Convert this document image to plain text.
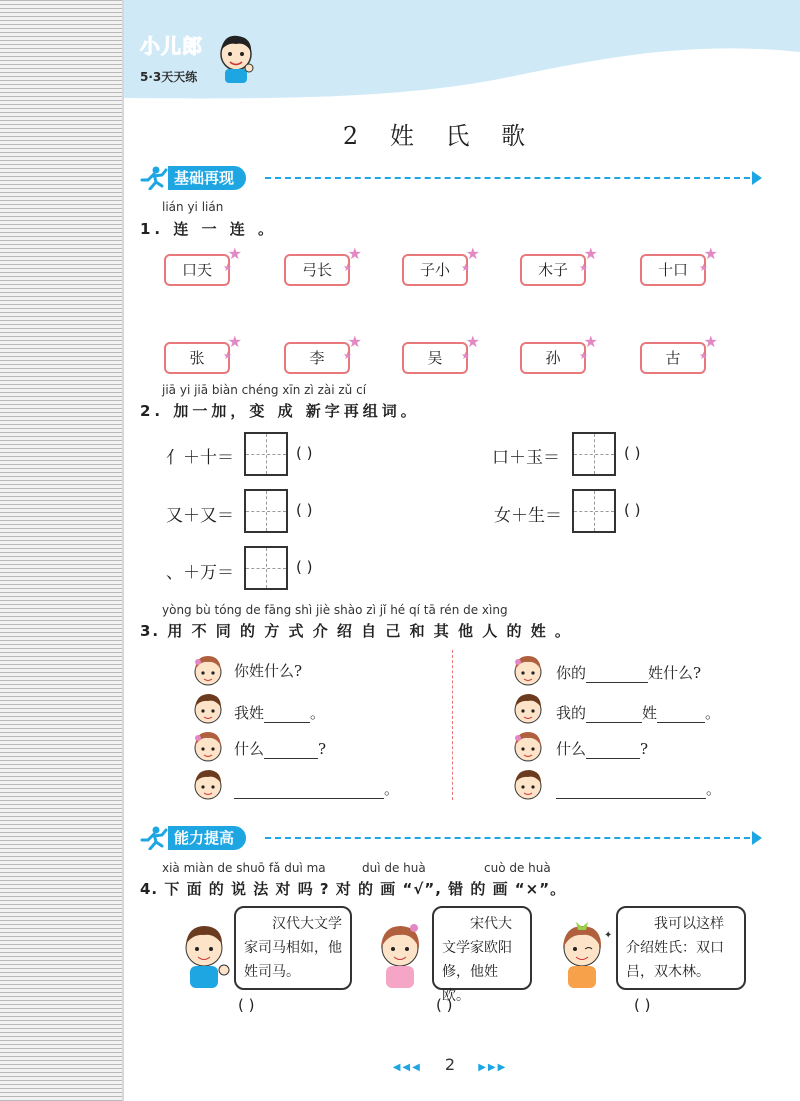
小儿郎
5·3天天练
2 姓 氏 歌
基础再现
lián yi lián
1. 连 一 连 。
口天
★
★	弓长
★
★	子小
★
★	木子
★
★	十口
★
★
张
★
★	李
★
★	吴
★
★	孙
★
★	古
★
★
jiā yi jiā biàn chéng xīn zì zài zǔ cí
2. 加一加，变 成 新字再组词。
亻＋十＝	( )	口＋玉＝	( )
又＋又＝	( )	女＋生＝	( )
、＋万＝	( )
yòng bù tóng de fāng shì jiè shào zì jǐ hé qí tā rén de xìng
3. 用 不 同 的 方 式 介 绍 自 己 和 其 他 人 的 姓 。
你姓什么?
我姓	。
什么	?
。
你的	姓什么?
我的	姓	。
什么	?
。
能力提高
xià miàn de shuō fǎ duì ma	duì de huà	cuò de huà
4. 下 面 的 说 法 对 吗 ? 对 的 画 “√”, 错 的 画 “×”。
　　汉代大文学家司马相如，他姓司马。
( )
　　宋代大文学家欧阳修，他姓欧。
( )
✦
　　我可以这样介绍姓氏：双口吕，双木林。
( )
◀◀◀ 2 ▶▶▶
